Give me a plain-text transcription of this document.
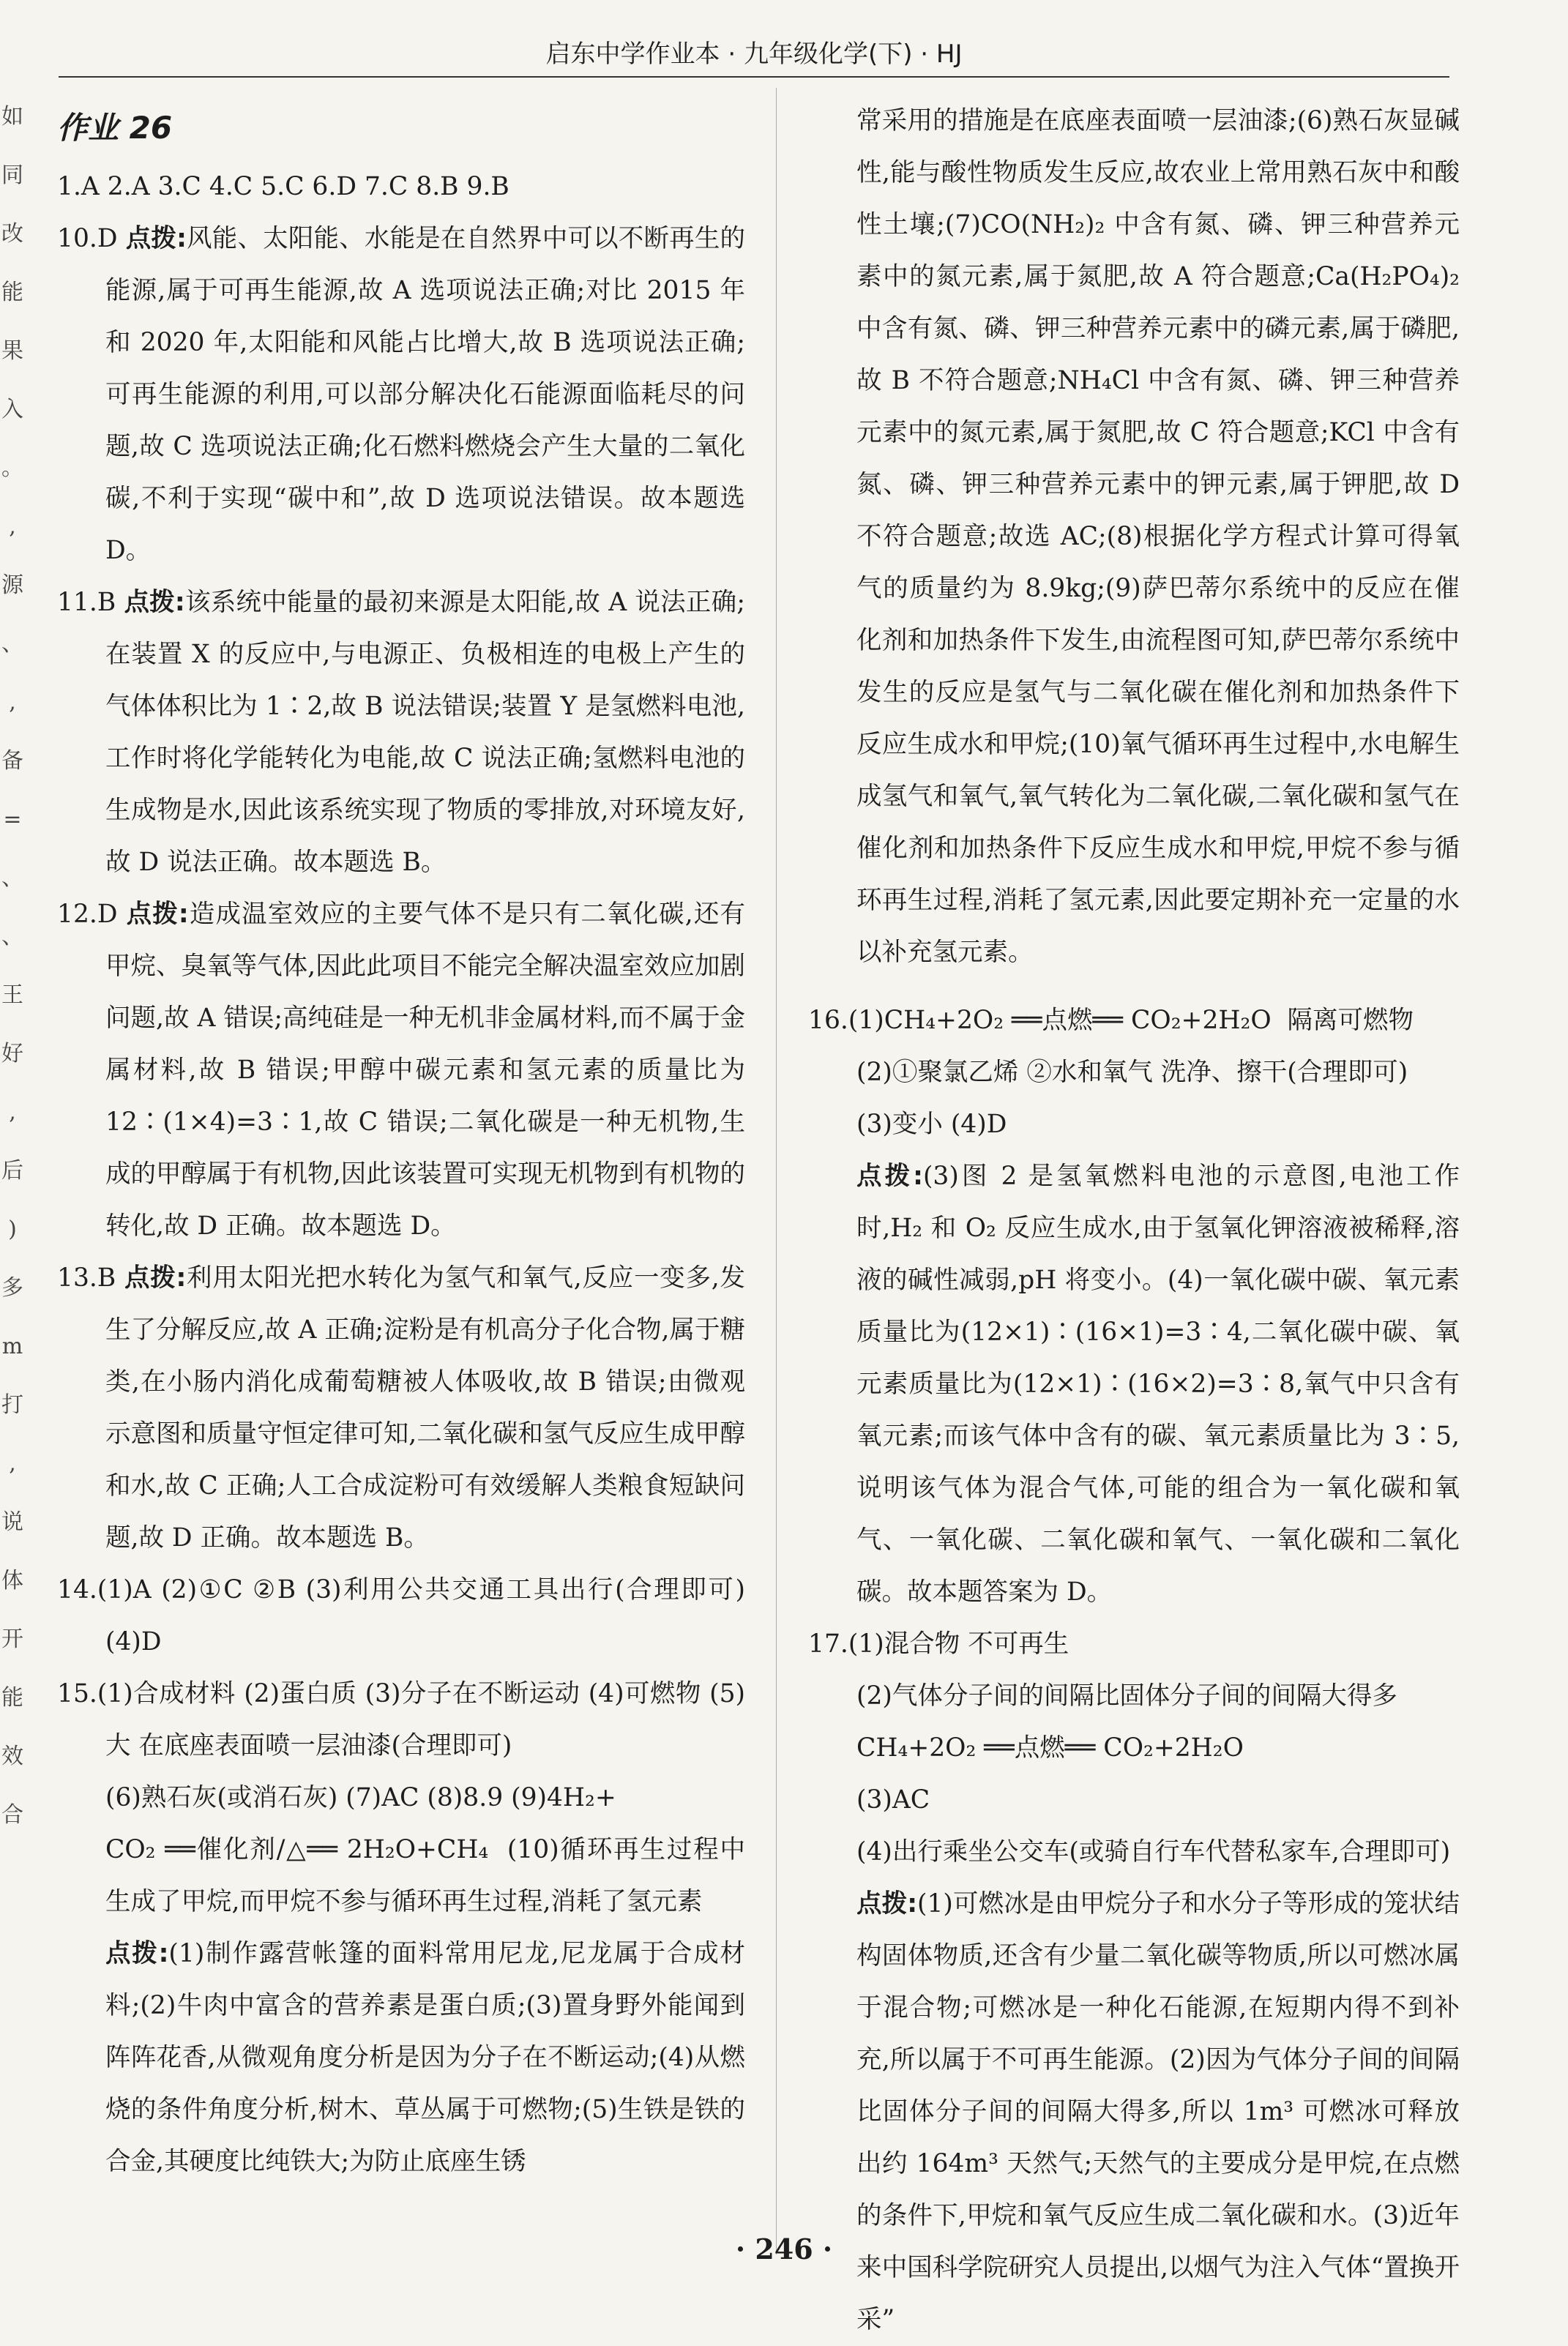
启东中学作业本 · 九年级化学(下) · HJ
如 同 改 能 果 入 。 , 源 、 , 备 = 、 、 王 好 , 后 ) 多 m 打 , 说 体 开 能 效 合

作业 26

1.A 2.A 3.C 4.C 5.C 6.D 7.C 8.B 9.B

10.D 点拨:风能、太阳能、水能是在自然界中可以不断再生的能源,属于可再生能源,故 A 选项说法正确;对比 2015 年和 2020 年,太阳能和风能占比增大,故 B 选项说法正确;可再生能源的利用,可以部分解决化石能源面临耗尽的问题,故 C 选项说法正确;化石燃料燃烧会产生大量的二氧化碳,不利于实现“碳中和”,故 D 选项说法错误。故本题选 D。

11.B 点拨:该系统中能量的最初来源是太阳能,故 A 说法正确;在装置 X 的反应中,与电源正、负极相连的电极上产生的气体体积比为 1∶2,故 B 说法错误;装置 Y 是氢燃料电池,工作时将化学能转化为电能,故 C 说法正确;氢燃料电池的生成物是水,因此该系统实现了物质的零排放,对环境友好,故 D 说法正确。故本题选 B。

12.D 点拨:造成温室效应的主要气体不是只有二氧化碳,还有甲烷、臭氧等气体,因此此项目不能完全解决温室效应加剧问题,故 A 错误;高纯硅是一种无机非金属材料,而不属于金属材料,故 B 错误;甲醇中碳元素和氢元素的质量比为 12∶(1×4)=3∶1,故 C 错误;二氧化碳是一种无机物,生成的甲醇属于有机物,因此该装置可实现无机物到有机物的转化,故 D 正确。故本题选 D。

13.B 点拨:利用太阳光把水转化为氢气和氧气,反应一变多,发生了分解反应,故 A 正确;淀粉是有机高分子化合物,属于糖类,在小肠内消化成葡萄糖被人体吸收,故 B 错误;由微观示意图和质量守恒定律可知,二氧化碳和氢气反应生成甲醇和水,故 C 正确;人工合成淀粉可有效缓解人类粮食短缺问题,故 D 正确。故本题选 B。

14.(1)A (2)①C ②B (3)利用公共交通工具出行(合理即可) (4)D

15.(1)合成材料 (2)蛋白质 (3)分子在不断运动 (4)可燃物 (5)大 在底座表面喷一层油漆(合理即可)

(6)熟石灰(或消石灰) (7)AC (8)8.9 (9)4H₂+

CO₂ ══催化剂/△══ 2H₂O+CH₄  (10)循环再生过程中生成了甲烷,而甲烷不参与循环再生过程,消耗了氢元素

点拨:(1)制作露营帐篷的面料常用尼龙,尼龙属于合成材料;(2)牛肉中富含的营养素是蛋白质;(3)置身野外能闻到阵阵花香,从微观角度分析是因为分子在不断运动;(4)从燃烧的条件角度分析,树木、草丛属于可燃物;(5)生铁是铁的合金,其硬度比纯铁大;为防止底座生锈

常采用的措施是在底座表面喷一层油漆;(6)熟石灰显碱性,能与酸性物质发生反应,故农业上常用熟石灰中和酸性土壤;(7)CO(NH₂)₂ 中含有氮、磷、钾三种营养元素中的氮元素,属于氮肥,故 A 符合题意;Ca(H₂PO₄)₂ 中含有氮、磷、钾三种营养元素中的磷元素,属于磷肥,故 B 不符合题意;NH₄Cl 中含有氮、磷、钾三种营养元素中的氮元素,属于氮肥,故 C 符合题意;KCl 中含有氮、磷、钾三种营养元素中的钾元素,属于钾肥,故 D 不符合题意;故选 AC;(8)根据化学方程式计算可得氧气的质量约为 8.9kg;(9)萨巴蒂尔系统中的反应在催化剂和加热条件下发生,由流程图可知,萨巴蒂尔系统中发生的反应是氢气与二氧化碳在催化剂和加热条件下反应生成水和甲烷;(10)氧气循环再生过程中,水电解生成氢气和氧气,氧气转化为二氧化碳,二氧化碳和氢气在催化剂和加热条件下反应生成水和甲烷,甲烷不参与循环再生过程,消耗了氢元素,因此要定期补充一定量的水以补充氢元素。

16.(1)CH₄+2O₂ ══点燃══ CO₂+2H₂O  隔离可燃物

(2)①聚氯乙烯 ②水和氧气 洗净、擦干(合理即可)

(3)变小 (4)D

点拨:(3)图 2 是氢氧燃料电池的示意图,电池工作时,H₂ 和 O₂ 反应生成水,由于氢氧化钾溶液被稀释,溶液的碱性减弱,pH 将变小。(4)一氧化碳中碳、氧元素质量比为(12×1)∶(16×1)=3∶4,二氧化碳中碳、氧元素质量比为(12×1)∶(16×2)=3∶8,氧气中只含有氧元素;而该气体中含有的碳、氧元素质量比为 3∶5,说明该气体为混合气体,可能的组合为一氧化碳和氧气、一氧化碳、二氧化碳和氧气、一氧化碳和二氧化碳。故本题答案为 D。

17.(1)混合物 不可再生

(2)气体分子间的间隔比固体分子间的间隔大得多

CH₄+2O₂ ══点燃══ CO₂+2H₂O

(3)AC

(4)出行乘坐公交车(或骑自行车代替私家车,合理即可)

点拨:(1)可燃冰是由甲烷分子和水分子等形成的笼状结构固体物质,还含有少量二氧化碳等物质,所以可燃冰属于混合物;可燃冰是一种化石能源,在短期内得不到补充,所以属于不可再生能源。(2)因为气体分子间的间隔比固体分子间的间隔大得多,所以 1m³ 可燃冰可释放出约 164m³ 天然气;天然气的主要成分是甲烷,在点燃的条件下,甲烷和氧气反应生成二氧化碳和水。(3)近年来中国科学院研究人员提出,以烟气为注入气体“置换开采”

· 246 ·
